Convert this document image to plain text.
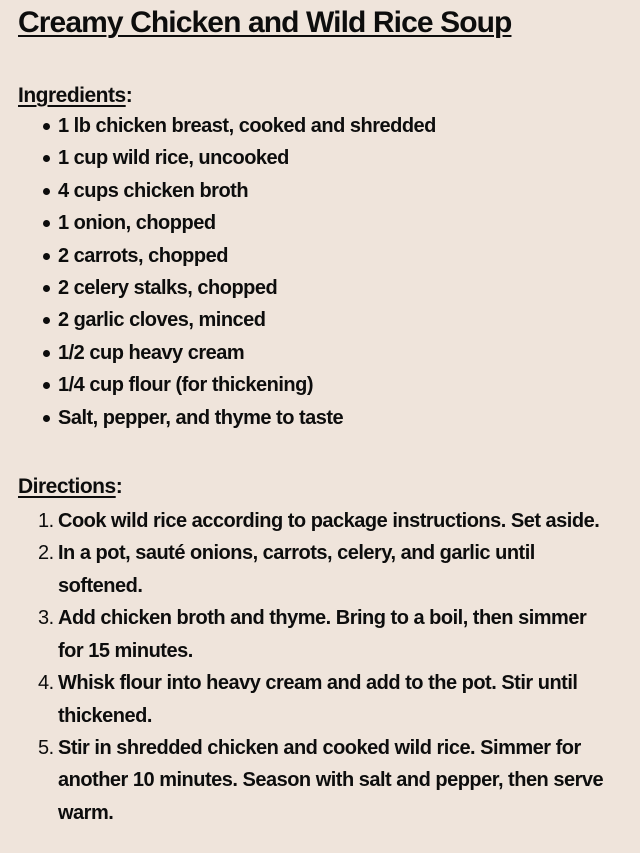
Creamy Chicken and Wild Rice Soup
Ingredients:
1 lb chicken breast, cooked and shredded
1 cup wild rice, uncooked
4 cups chicken broth
1 onion, chopped
2 carrots, chopped
2 celery stalks, chopped
2 garlic cloves, minced
1/2 cup heavy cream
1/4 cup flour (for thickening)
Salt, pepper, and thyme to taste
Directions:
1. Cook wild rice according to package instructions. Set aside.
2. In a pot, sauté onions, carrots, celery, and garlic until
softened.
3. Add chicken broth and thyme. Bring to a boil, then simmer
for 15 minutes.
4. Whisk flour into heavy cream and add to the pot. Stir until
thickened.
5. Stir in shredded chicken and cooked wild rice. Simmer for
another 10 minutes. Season with salt and pepper, then serve
warm.
